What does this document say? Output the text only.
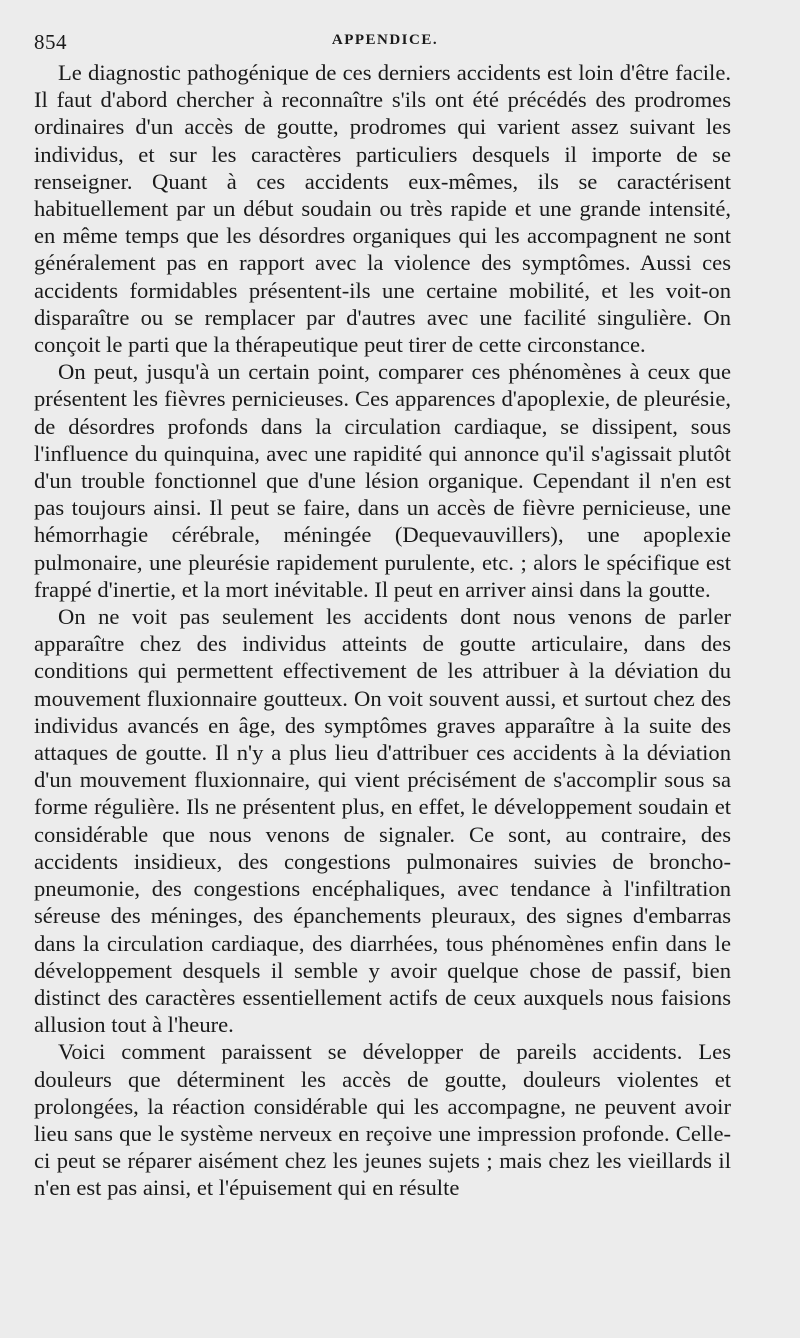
854	APPENDICE.

Le diagnostic pathogénique de ces derniers accidents est loin d'être facile. Il faut d'abord chercher à reconnaître s'ils ont été précédés des prodromes ordinaires d'un accès de goutte, prodromes qui varient assez suivant les individus, et sur les caractères particuliers desquels il importe de se renseigner. Quant à ces accidents eux-mêmes, ils se caractérisent habituellement par un début soudain ou très rapide et une grande intensité, en même temps que les désordres organiques qui les accompagnent ne sont généralement pas en rapport avec la violence des symptômes. Aussi ces accidents formidables présentent-ils une certaine mobilité, et les voit-on disparaître ou se remplacer par d'autres avec une facilité singulière. On conçoit le parti que la thérapeutique peut tirer de cette circonstance.

On peut, jusqu'à un certain point, comparer ces phénomènes à ceux que présentent les fièvres pernicieuses. Ces apparences d'apoplexie, de pleurésie, de désordres profonds dans la circulation cardiaque, se dissipent, sous l'influence du quinquina, avec une rapidité qui annonce qu'il s'agissait plutôt d'un trouble fonctionnel que d'une lésion organique. Cependant il n'en est pas toujours ainsi. Il peut se faire, dans un accès de fièvre pernicieuse, une hémorrhagie cérébrale, méningée (Dequevauvillers), une apoplexie pulmonaire, une pleurésie rapidement purulente, etc. ; alors le spécifique est frappé d'inertie, et la mort inévitable. Il peut en arriver ainsi dans la goutte.

On ne voit pas seulement les accidents dont nous venons de parler apparaître chez des individus atteints de goutte articulaire, dans des conditions qui permettent effectivement de les attribuer à la déviation du mouvement fluxionnaire goutteux. On voit souvent aussi, et surtout chez des individus avancés en âge, des symptômes graves apparaître à la suite des attaques de goutte. Il n'y a plus lieu d'attribuer ces accidents à la déviation d'un mouvement fluxionnaire, qui vient précisément de s'accomplir sous sa forme régulière. Ils ne présentent plus, en effet, le développement soudain et considérable que nous venons de signaler. Ce sont, au contraire, des accidents insidieux, des congestions pulmonaires suivies de broncho-pneumonie, des congestions encéphaliques, avec tendance à l'infiltration séreuse des méninges, des épanchements pleuraux, des signes d'embarras dans la circulation cardiaque, des diarrhées, tous phénomènes enfin dans le développement desquels il semble y avoir quelque chose de passif, bien distinct des caractères essentiellement actifs de ceux auxquels nous faisions allusion tout à l'heure.

Voici comment paraissent se développer de pareils accidents. Les douleurs que déterminent les accès de goutte, douleurs violentes et prolongées, la réaction considérable qui les accompagne, ne peuvent avoir lieu sans que le système nerveux en reçoive une impression profonde. Celle-ci peut se réparer aisément chez les jeunes sujets ; mais chez les vieillards il n'en est pas ainsi, et l'épuisement qui en résulte
